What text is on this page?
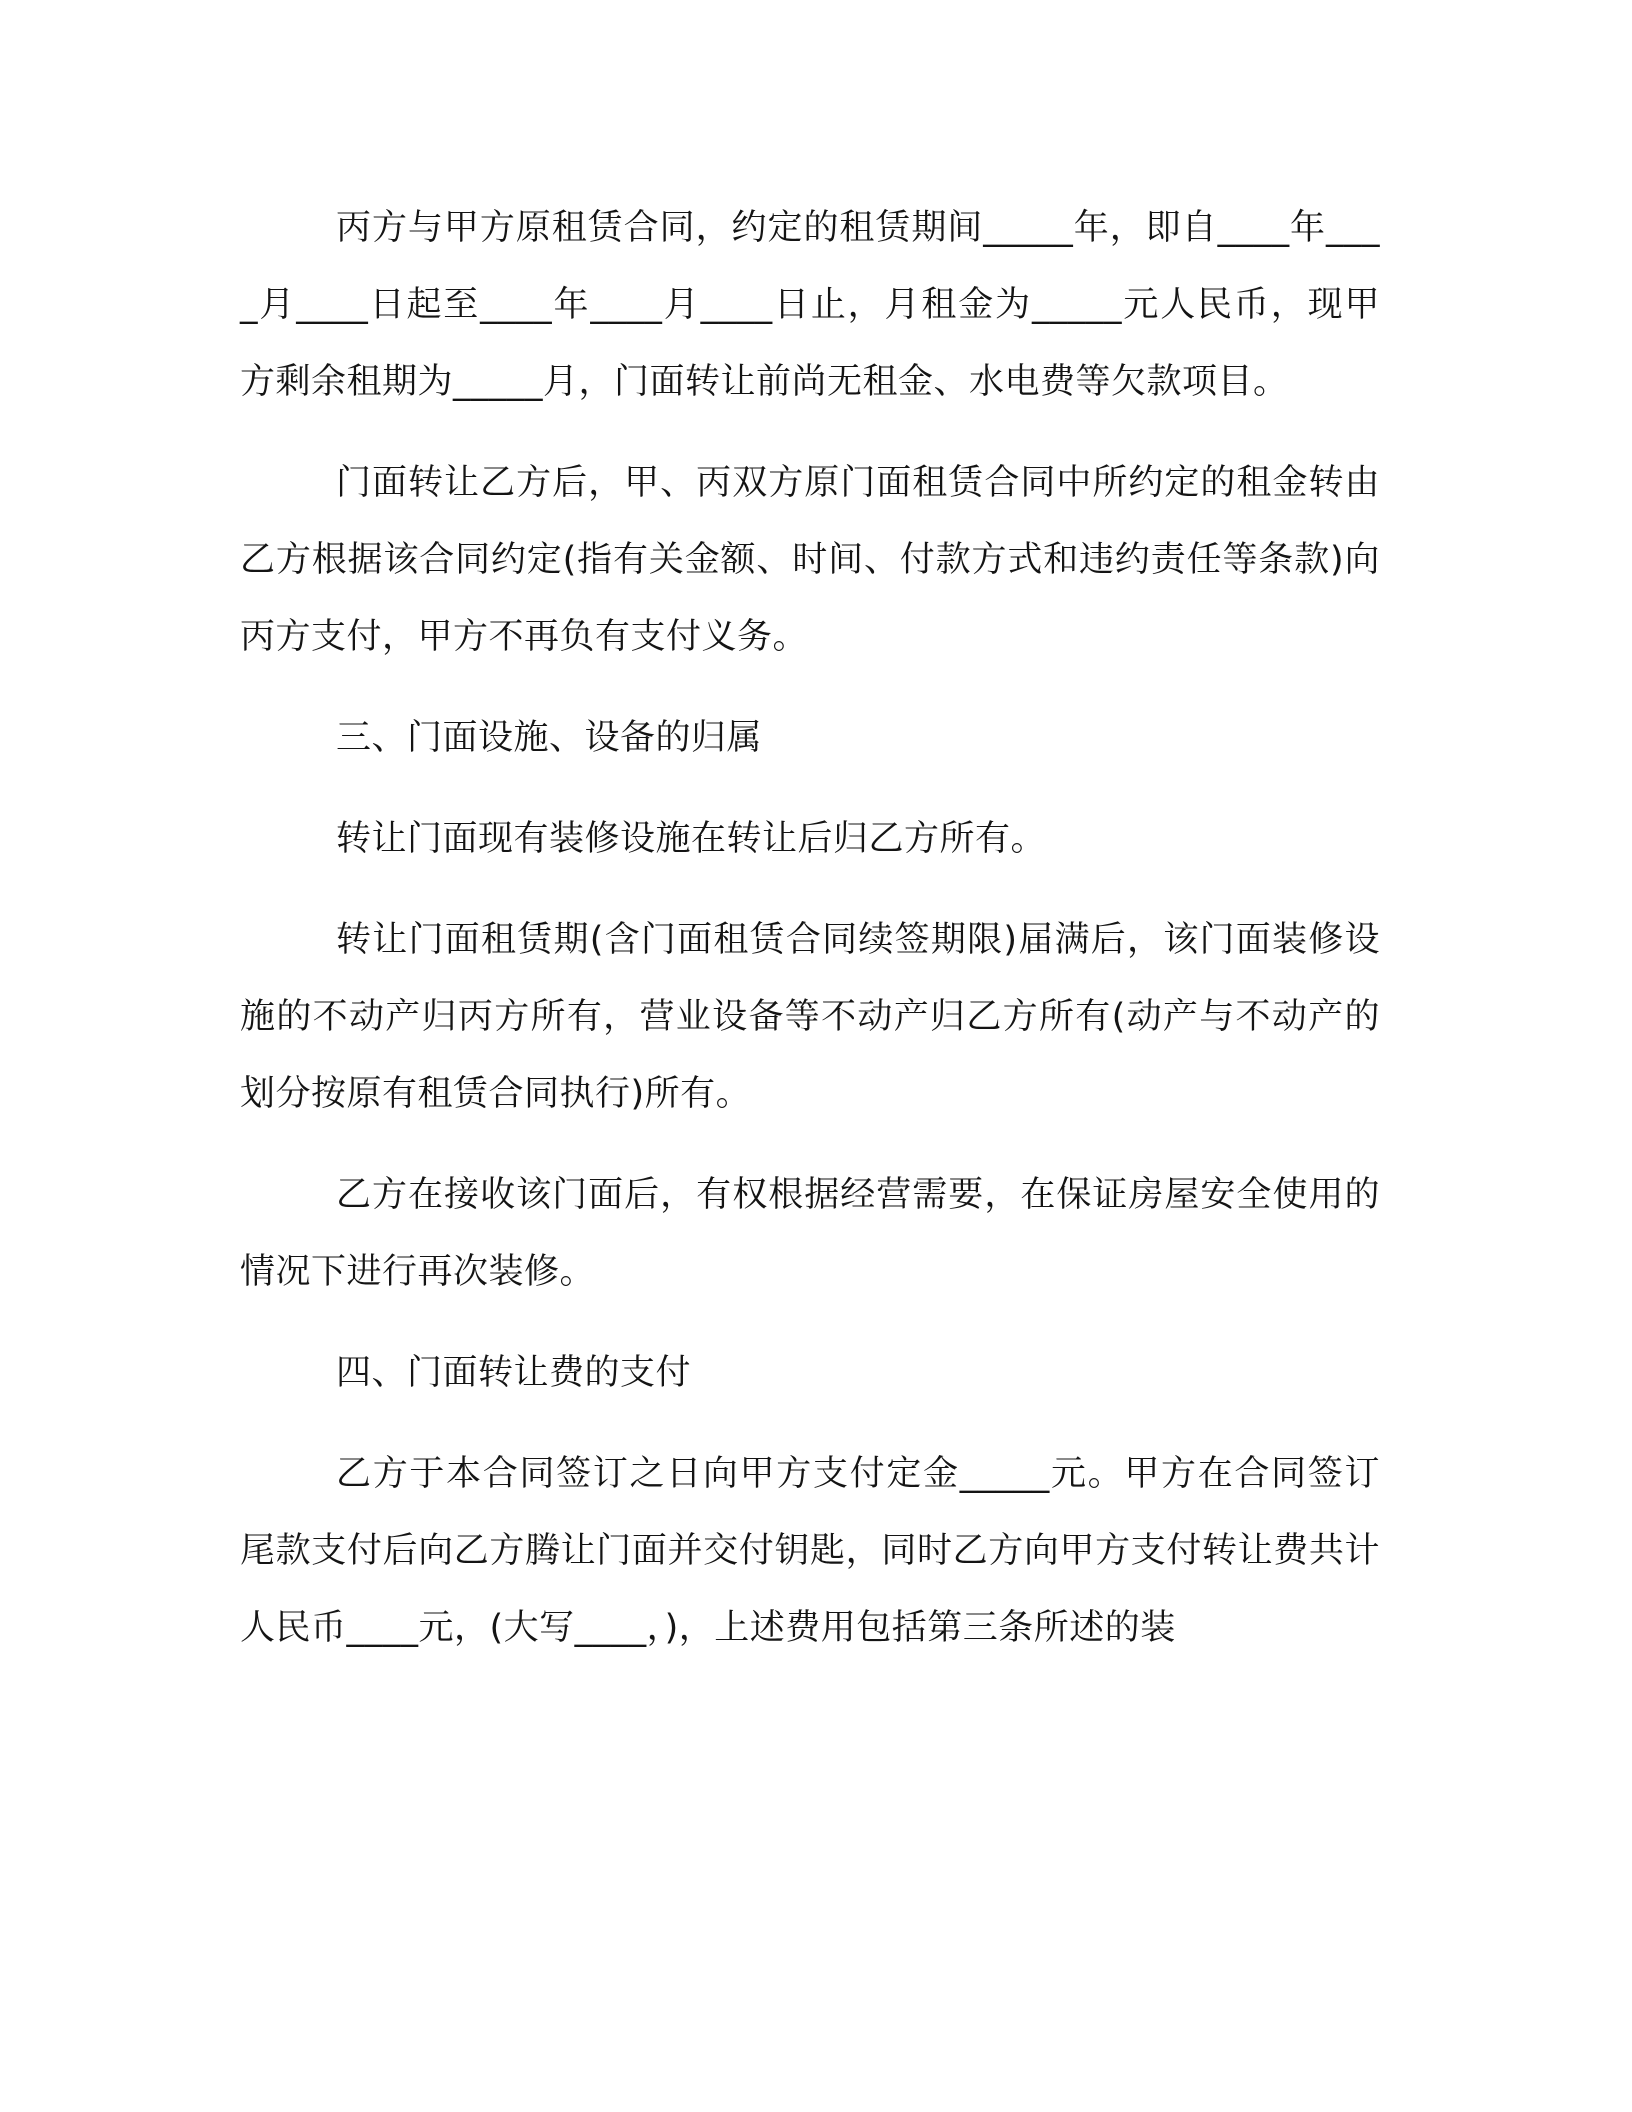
丙方与甲方原租赁合同，约定的租赁期间_____年，即自____年____月____日起至____年____月____日止，月租金为_____元人民币，现甲方剩余租期为_____月，门面转让前尚无租金、水电费等欠款项目。

门面转让乙方后，甲、丙双方原门面租赁合同中所约定的租金转由乙方根据该合同约定(指有关金额、时间、付款方式和违约责任等条款)向丙方支付，甲方不再负有支付义务。

三、门面设施、设备的归属

转让门面现有装修设施在转让后归乙方所有。

转让门面租赁期(含门面租赁合同续签期限)届满后，该门面装修设施的不动产归丙方所有，营业设备等不动产归乙方所有(动产与不动产的划分按原有租赁合同执行)所有。

乙方在接收该门面后，有权根据经营需要，在保证房屋安全使用的情况下进行再次装修。

四、门面转让费的支付

乙方于本合同签订之日向甲方支付定金_____元。甲方在合同签订尾款支付后向乙方腾让门面并交付钥匙，同时乙方向甲方支付转让费共计人民币____元，(大写____，)，上述费用包括第三条所述的装
